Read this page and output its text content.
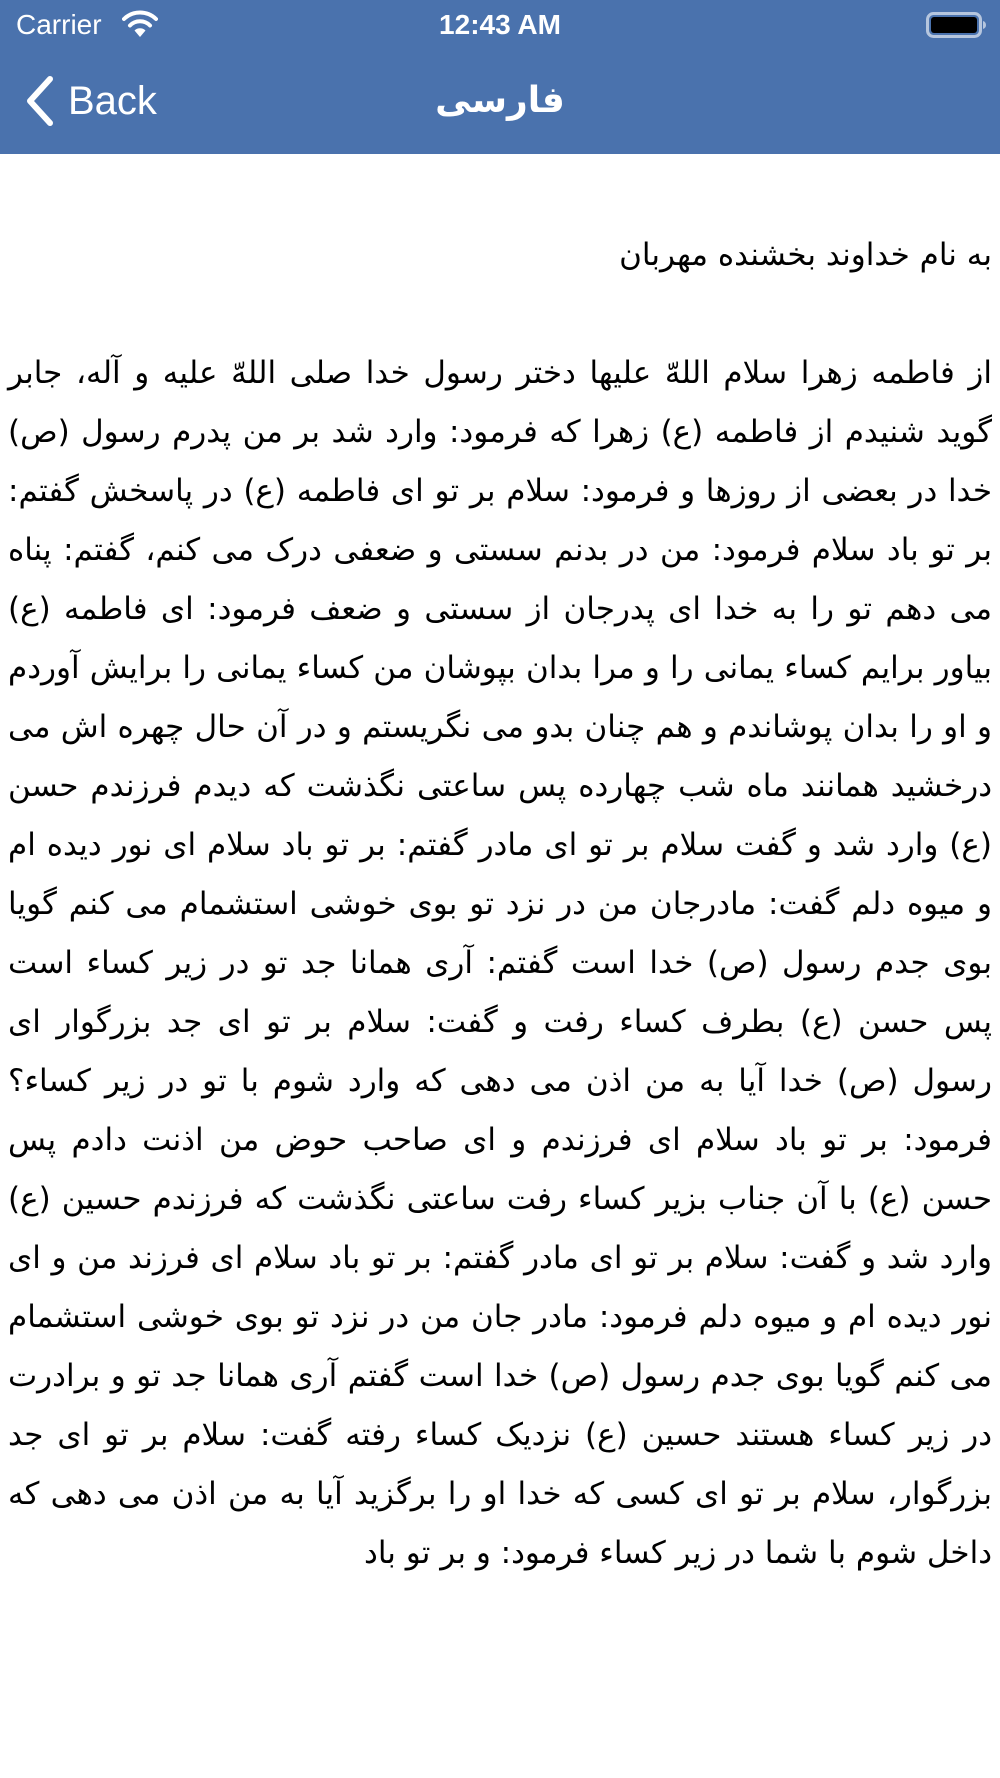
Carrier	12:43 AM
Back	فارسی

به نام خداوند بخشنده مهربان

از فاطمه زهرا سلام اللهّ علیها دختر رسول خدا صلی اللهّ علیه و آله، جابر گوید شنیدم از فاطمه (ع) زهرا که فرمود: وارد شد بر من پدرم رسول (ص) خدا در بعضی از روزها و فرمود: سلام بر تو ای فاطمه (ع) در پاسخش گفتم: بر تو باد سلام فرمود: من در بدنم سستی و ضعفی درک می کنم، گفتم: پناه می دهم تو را به خدا ای پدرجان از سستی و ضعف فرمود: ای فاطمه (ع) بیاور برایم کساء یمانی را و مرا بدان بپوشان من کساء یمانی را برایش آوردم و او را بدان پوشاندم و هم چنان بدو می نگریستم و در آن حال چهره اش می درخشید همانند ماه شب چهارده پس ساعتی نگذشت که دیدم فرزندم حسن (ع) وارد شد و گفت سلام بر تو ای مادر گفتم: بر تو باد سلام ای نور دیده ام و میوه دلم گفت: مادرجان من در نزد تو بوی خوشی استشمام می کنم گویا بوی جدم رسول (ص) خدا است گفتم: آری همانا جد تو در زیر کساء است پس حسن (ع) بطرف کساء رفت و گفت: سلام بر تو ای جد بزرگوار ای رسول (ص) خدا آیا به من اذن می دهی که وارد شوم با تو در زیر کساء؟ فرمود: بر تو باد سلام ای فرزندم و ای صاحب حوض من اذنت دادم پس حسن (ع) با آن جناب بزیر کساء رفت ساعتی نگذشت که فرزندم حسین (ع) وارد شد و گفت: سلام بر تو ای مادر گفتم: بر تو باد سلام ای فرزند من و ای نور دیده ام و میوه دلم فرمود: مادر جان من در نزد تو بوی خوشی استشمام می کنم گویا بوی جدم رسول (ص) خدا است گفتم آری همانا جد تو و برادرت در زیر کساء هستند حسین (ع) نزدیک کساء رفته گفت: سلام بر تو ای جد بزرگوار، سلام بر تو ای کسی که خدا او را برگزید آیا به من اذن می دهی که داخل شوم با شما در زیر کساء فرمود: و بر تو باد
